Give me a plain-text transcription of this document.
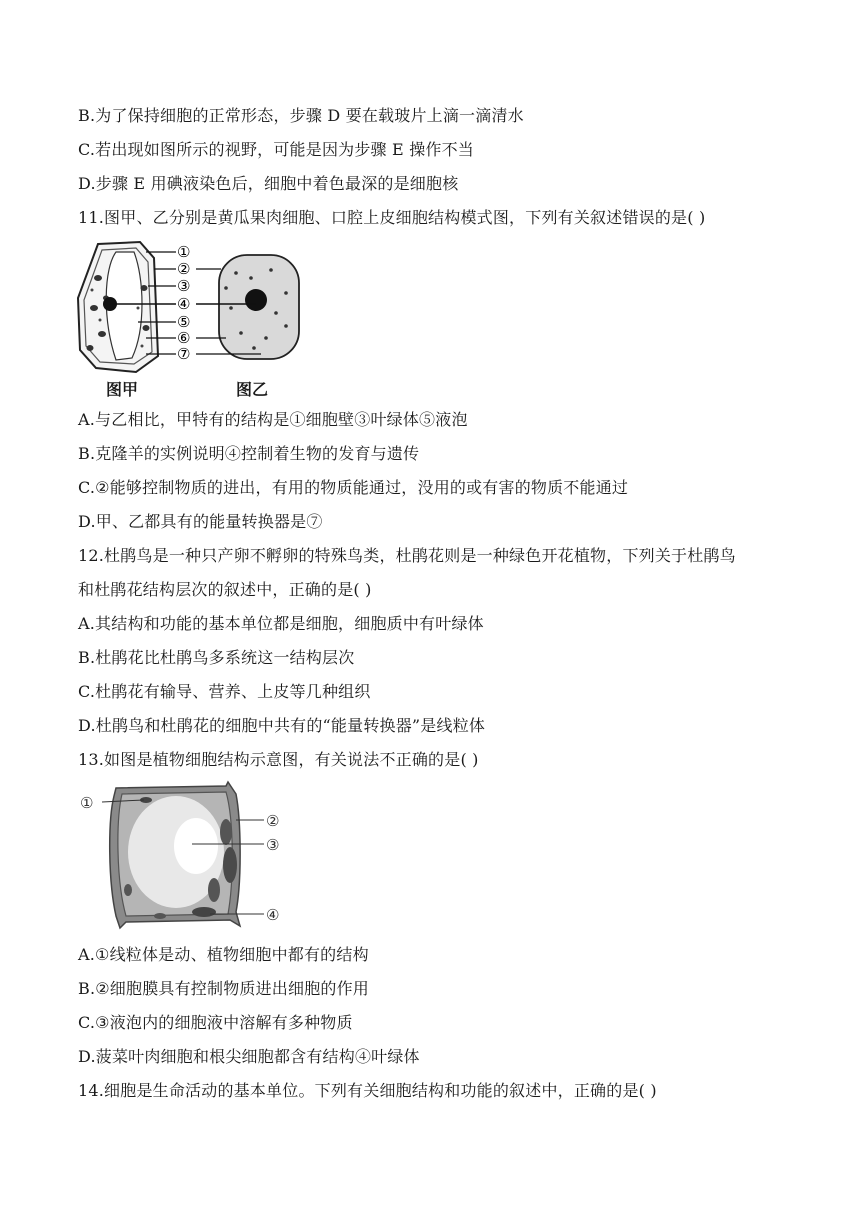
B.为了保持细胞的正常形态，步骤 D 要在载玻片上滴一滴清水
C.若出现如图所示的视野，可能是因为步骤 E 操作不当
D.步骤 E 用碘液染色后，细胞中着色最深的是细胞核
11.图甲、乙分别是黄瓜果肉细胞、口腔上皮细胞结构模式图，下列有关叙述错误的是( )
①
②
③
④
⑤
⑥
⑦
图甲	图乙
A.与乙相比，甲特有的结构是①细胞壁③叶绿体⑤液泡
B.克隆羊的实例说明④控制着生物的发育与遗传
C.②能够控制物质的进出，有用的物质能通过，没用的或有害的物质不能通过
D.甲、乙都具有的能量转换器是⑦
12.杜鹃鸟是一种只产卵不孵卵的特殊鸟类，杜鹃花则是一种绿色开花植物，下列关于杜鹃鸟
和杜鹃花结构层次的叙述中，正确的是( )
A.其结构和功能的基本单位都是细胞，细胞质中有叶绿体
B.杜鹃花比杜鹃鸟多系统这一结构层次
C.杜鹃花有输导、营养、上皮等几种组织
D.杜鹃鸟和杜鹃花的细胞中共有的“能量转换器”是线粒体
13.如图是植物细胞结构示意图，有关说法不正确的是( )
①
②
③
④
A.①线粒体是动、植物细胞中都有的结构
B.②细胞膜具有控制物质进出细胞的作用
C.③液泡内的细胞液中溶解有多种物质
D.菠菜叶肉细胞和根尖细胞都含有结构④叶绿体
14.细胞是生命活动的基本单位。下列有关细胞结构和功能的叙述中，正确的是( )
